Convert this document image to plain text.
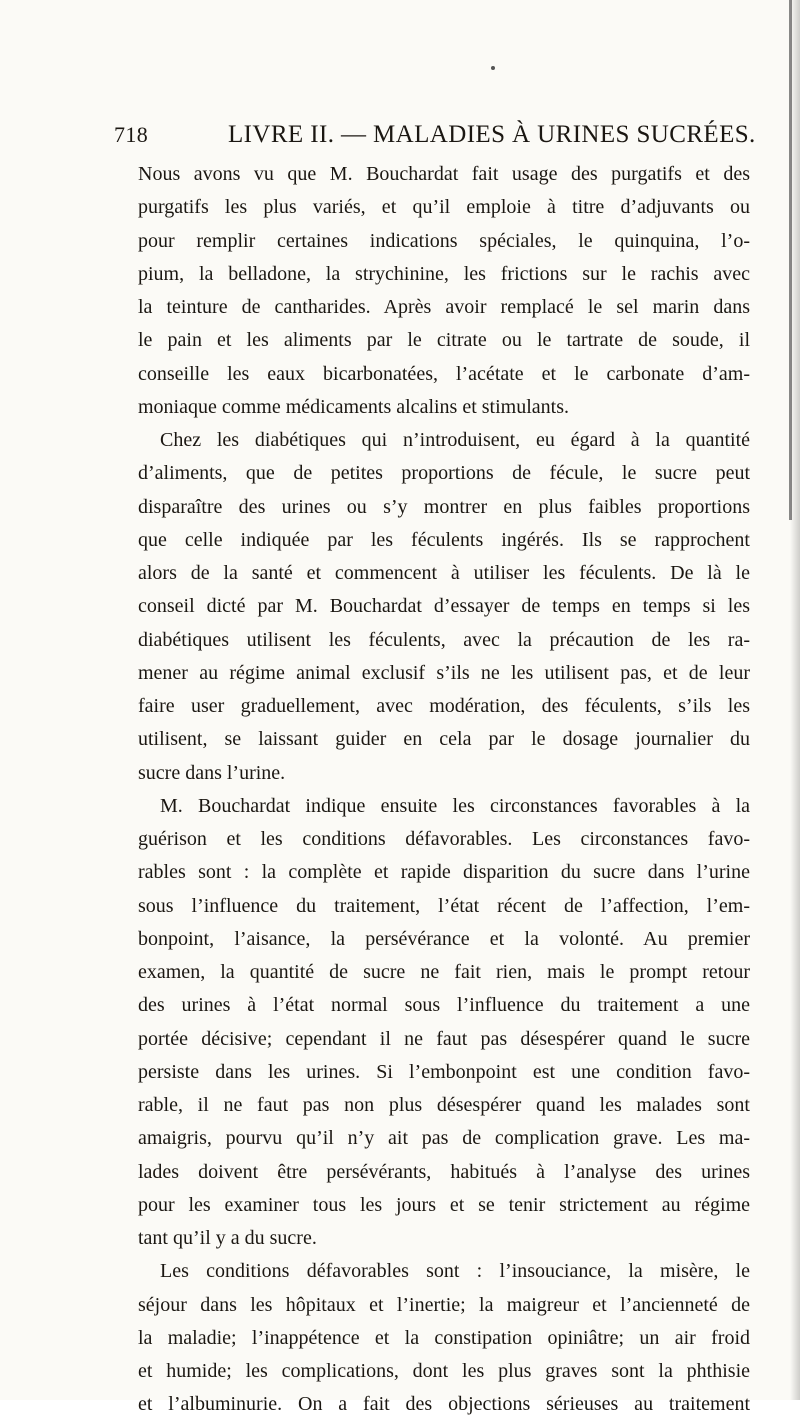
718	LIVRE II. — MALADIES À URINES SUCRÉES.
Nous avons vu que M. Bouchardat fait usage des purgatifs et des
purgatifs les plus variés, et qu’il emploie à titre d’adjuvants ou
pour remplir certaines indications spéciales, le quinquina, l’o-
pium, la belladone, la strychinine, les frictions sur le rachis avec
la teinture de cantharides. Après avoir remplacé le sel marin dans
le pain et les aliments par le citrate ou le tartrate de soude, il
conseille les eaux bicarbonatées, l’acétate et le carbonate d’am-
moniaque comme médicaments alcalins et stimulants.
Chez les diabétiques qui n’introduisent, eu égard à la quantité
d’aliments, que de petites proportions de fécule, le sucre peut
disparaître des urines ou s’y montrer en plus faibles proportions
que celle indiquée par les féculents ingérés. Ils se rapprochent
alors de la santé et commencent à utiliser les féculents. De là le
conseil dicté par M. Bouchardat d’essayer de temps en temps si les
diabétiques utilisent les féculents, avec la précaution de les ra-
mener au régime animal exclusif s’ils ne les utilisent pas, et de leur
faire user graduellement, avec modération, des féculents, s’ils les
utilisent, se laissant guider en cela par le dosage journalier du
sucre dans l’urine.
M. Bouchardat indique ensuite les circonstances favorables à la
guérison et les conditions défavorables. Les circonstances favo-
rables sont : la complète et rapide disparition du sucre dans l’urine
sous l’influence du traitement, l’état récent de l’affection, l’em-
bonpoint, l’aisance, la persévérance et la volonté. Au premier
examen, la quantité de sucre ne fait rien, mais le prompt retour
des urines à l’état normal sous l’influence du traitement a une
portée décisive; cependant il ne faut pas désespérer quand le sucre
persiste dans les urines. Si l’embonpoint est une condition favo-
rable, il ne faut pas non plus désespérer quand les malades sont
amaigris, pourvu qu’il n’y ait pas de complication grave. Les ma-
lades doivent être persévérants, habitués à l’analyse des urines
pour les examiner tous les jours et se tenir strictement au régime
tant qu’il y a du sucre.
Les conditions défavorables sont : l’insouciance, la misère, le
séjour dans les hôpitaux et l’inertie; la maigreur et l’ancienneté de
la maladie; l’inappétence et la constipation opiniâtre; un air froid
et humide; les complications, dont les plus graves sont la phthisie
et l’albuminurie. On a fait des objections sérieuses au traitement
